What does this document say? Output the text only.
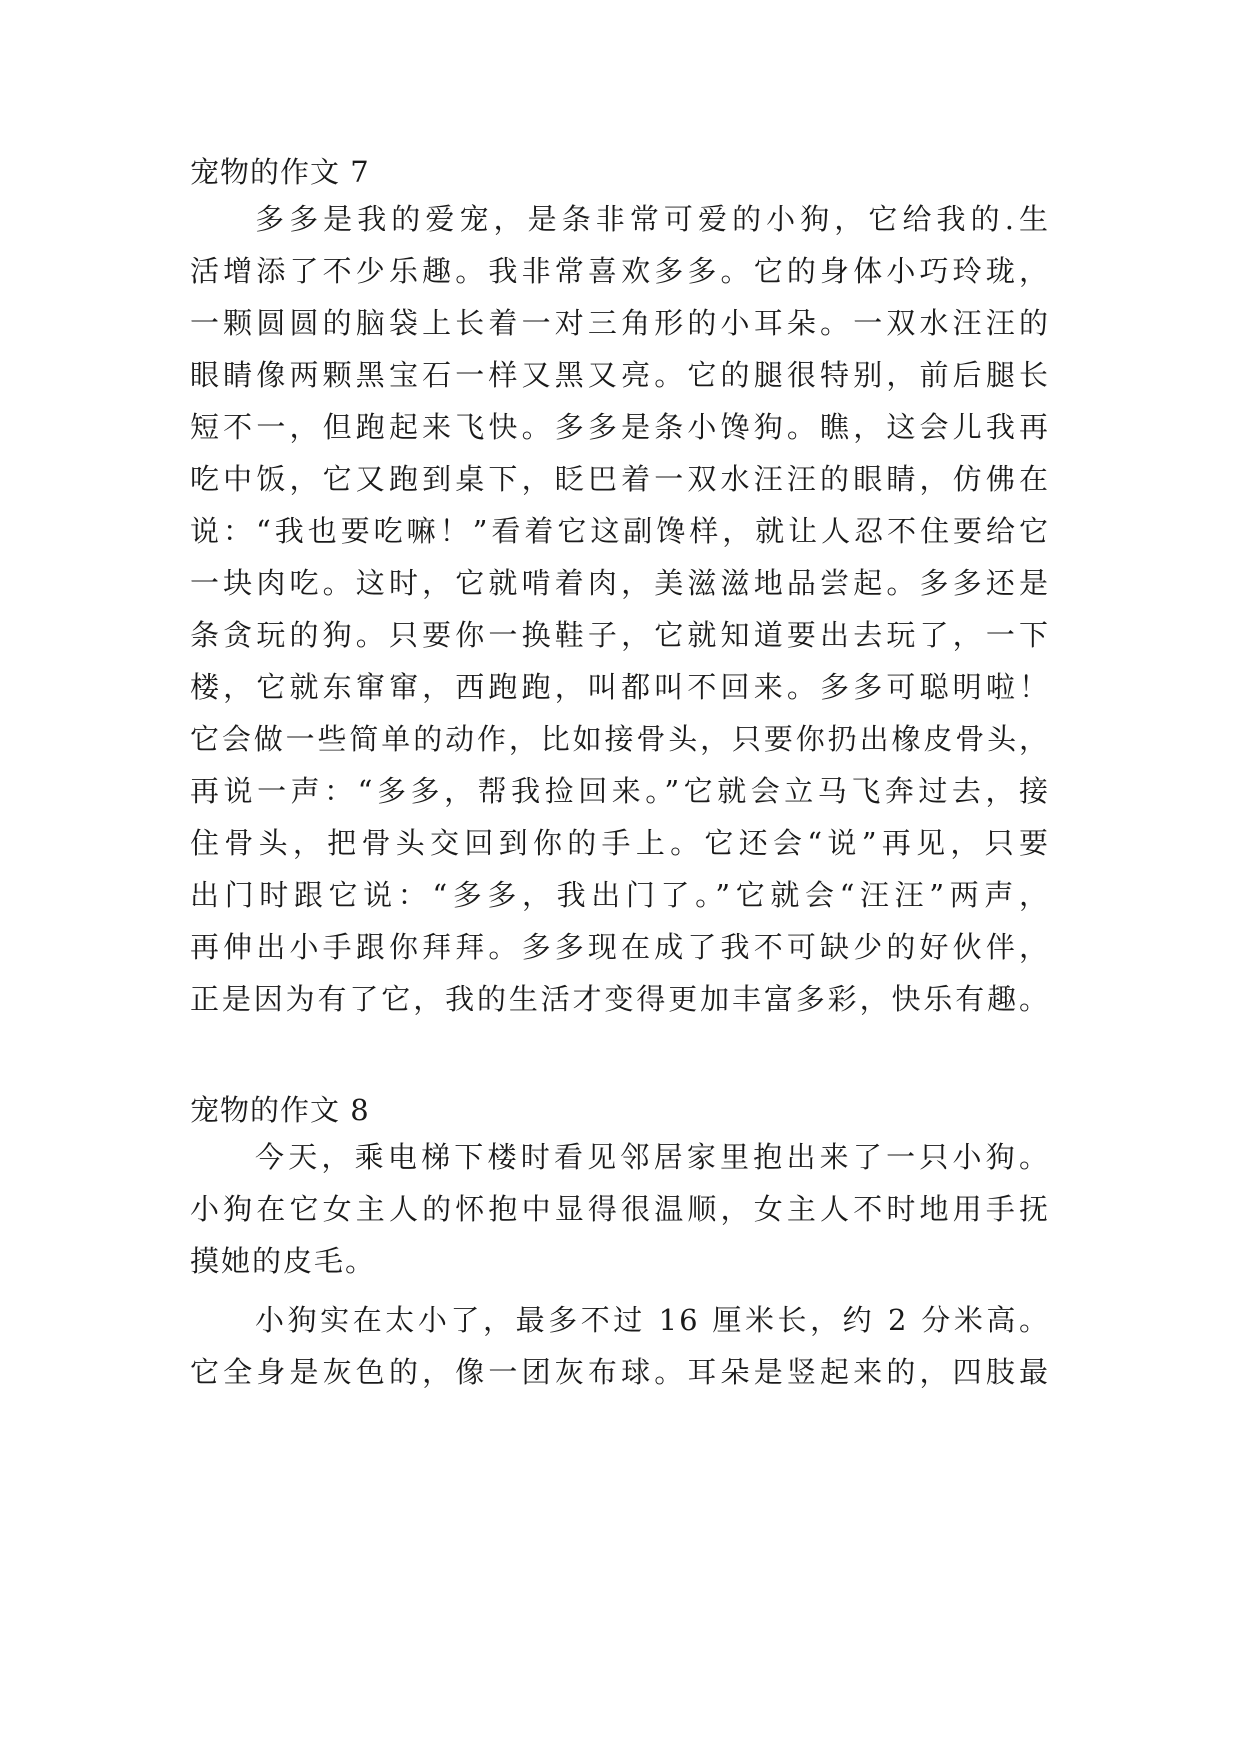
宠物的作文 7
多多是我的爱宠，是条非常可爱的小狗，它给我的.生
活增添了不少乐趣。我非常喜欢多多。它的身体小巧玲珑，
一颗圆圆的脑袋上长着一对三角形的小耳朵。一双水汪汪的
眼睛像两颗黑宝石一样又黑又亮。它的腿很特别，前后腿长
短不一，但跑起来飞快。多多是条小馋狗。瞧，这会儿我再
吃中饭，它又跑到桌下，眨巴着一双水汪汪的眼睛，仿佛在
说：“我也要吃嘛！”看着它这副馋样，就让人忍不住要给它
一块肉吃。这时，它就啃着肉，美滋滋地品尝起。多多还是
条贪玩的狗。只要你一换鞋子，它就知道要出去玩了，一下
楼，它就东窜窜，西跑跑，叫都叫不回来。多多可聪明啦！
它会做一些简单的动作，比如接骨头，只要你扔出橡皮骨头，
再说一声：“多多，帮我捡回来。”它就会立马飞奔过去，接
住骨头，把骨头交回到你的手上。它还会“说”再见，只要
出门时跟它说：“多多，我出门了。”它就会“汪汪”两声，
再伸出小手跟你拜拜。多多现在成了我不可缺少的好伙伴，
正是因为有了它，我的生活才变得更加丰富多彩，快乐有趣。
宠物的作文 8
今天，乘电梯下楼时看见邻居家里抱出来了一只小狗。
小狗在它女主人的怀抱中显得很温顺，女主人不时地用手抚
摸她的皮毛。
小狗实在太小了，最多不过 16 厘米长，约 2 分米高。
它全身是灰色的，像一团灰布球。耳朵是竖起来的，四肢最
